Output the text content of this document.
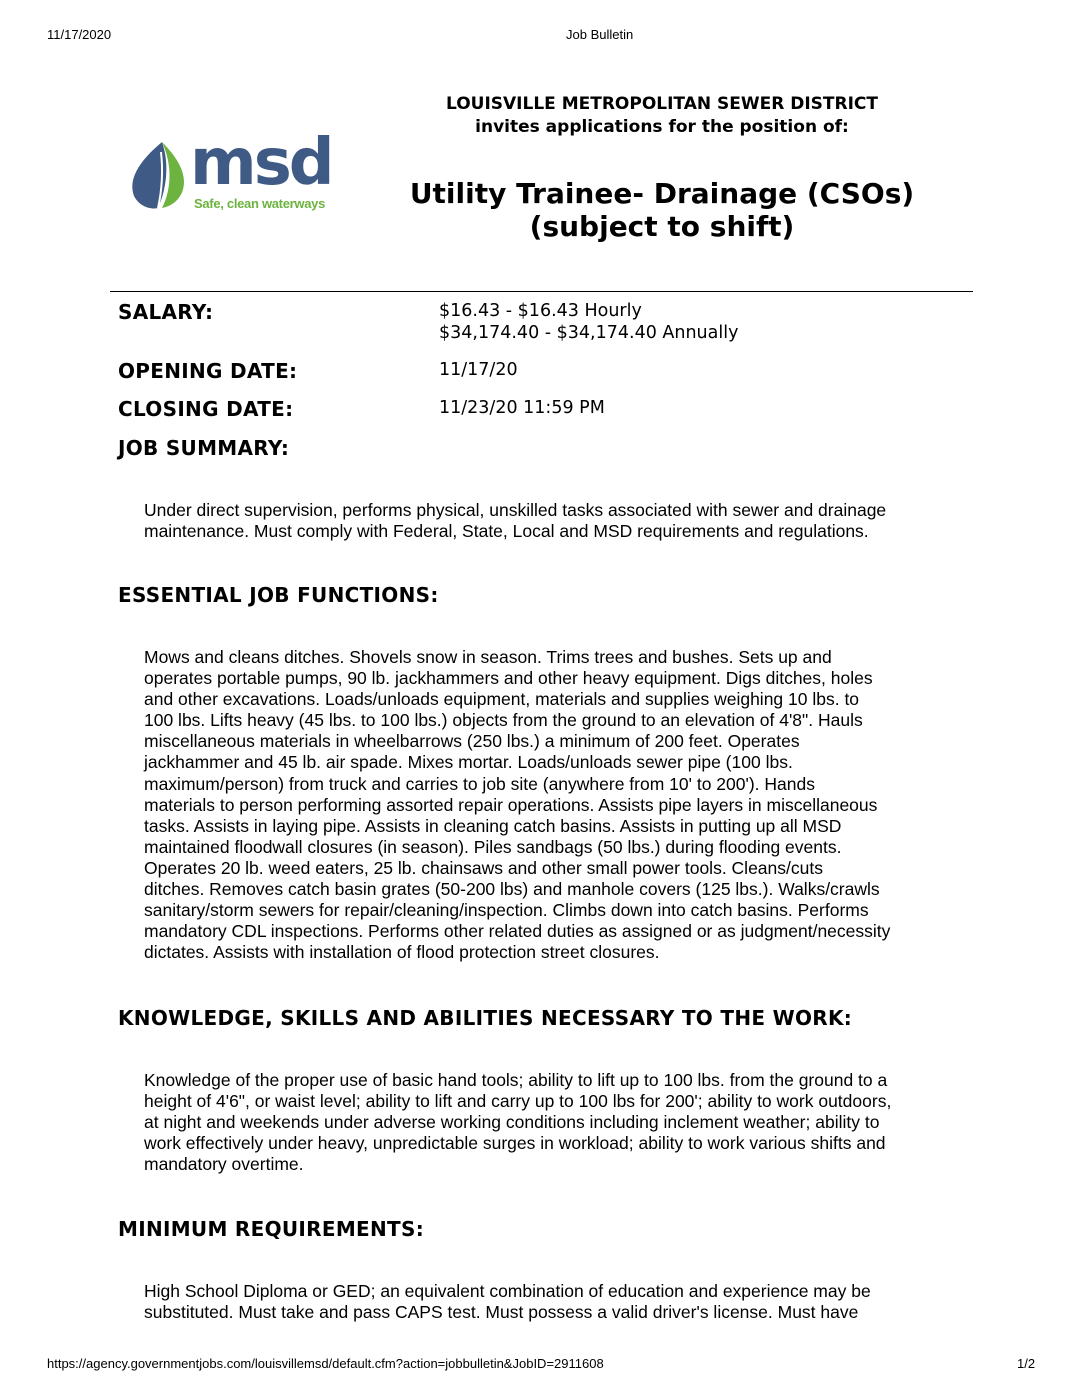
11/17/2020	Job Bulletin
msd
Safe, clean waterways
LOUISVILLE METROPOLITAN SEWER DISTRICT
invites applications for the position of:
Utility Trainee- Drainage (CSOs)
(subject to shift)
SALARY:	$16.43 - $16.43 Hourly
$34,174.40 - $34,174.40 Annually
OPENING DATE:	11/17/20
CLOSING DATE:	11/23/20 11:59 PM
JOB SUMMARY:
Under direct supervision, performs physical, unskilled tasks associated with sewer and drainage
maintenance. Must comply with Federal, State, Local and MSD requirements and regulations.
ESSENTIAL JOB FUNCTIONS:
Mows and cleans ditches. Shovels snow in season. Trims trees and bushes. Sets up and
operates portable pumps, 90 lb. jackhammers and other heavy equipment. Digs ditches, holes
and other excavations. Loads/unloads equipment, materials and supplies weighing 10 lbs. to
100 lbs. Lifts heavy (45 lbs. to 100 lbs.) objects from the ground to an elevation of 4'8". Hauls
miscellaneous materials in wheelbarrows (250 lbs.) a minimum of 200 feet. Operates
jackhammer and 45 lb. air spade. Mixes mortar. Loads/unloads sewer pipe (100 lbs.
maximum/person) from truck and carries to job site (anywhere from 10' to 200'). Hands
materials to person performing assorted repair operations. Assists pipe layers in miscellaneous
tasks. Assists in laying pipe. Assists in cleaning catch basins. Assists in putting up all MSD
maintained floodwall closures (in season). Piles sandbags (50 lbs.) during flooding events.
Operates 20 lb. weed eaters, 25 lb. chainsaws and other small power tools. Cleans/cuts
ditches. Removes catch basin grates (50-200 lbs) and manhole covers (125 lbs.). Walks/crawls
sanitary/storm sewers for repair/cleaning/inspection. Climbs down into catch basins. Performs
mandatory CDL inspections. Performs other related duties as assigned or as judgment/necessity
dictates. Assists with installation of flood protection street closures.
KNOWLEDGE, SKILLS AND ABILITIES NECESSARY TO THE WORK:
Knowledge of the proper use of basic hand tools; ability to lift up to 100 lbs. from the ground to a
height of 4'6", or waist level; ability to lift and carry up to 100 lbs for 200'; ability to work outdoors,
at night and weekends under adverse working conditions including inclement weather; ability to
work effectively under heavy, unpredictable surges in workload; ability to work various shifts and
mandatory overtime.
MINIMUM REQUIREMENTS:
High School Diploma or GED; an equivalent combination of education and experience may be
substituted. Must take and pass CAPS test. Must possess a valid driver's license. Must have
https://agency.governmentjobs.com/louisvillemsd/default.cfm?action=jobbulletin&JobID=2911608	1/2
